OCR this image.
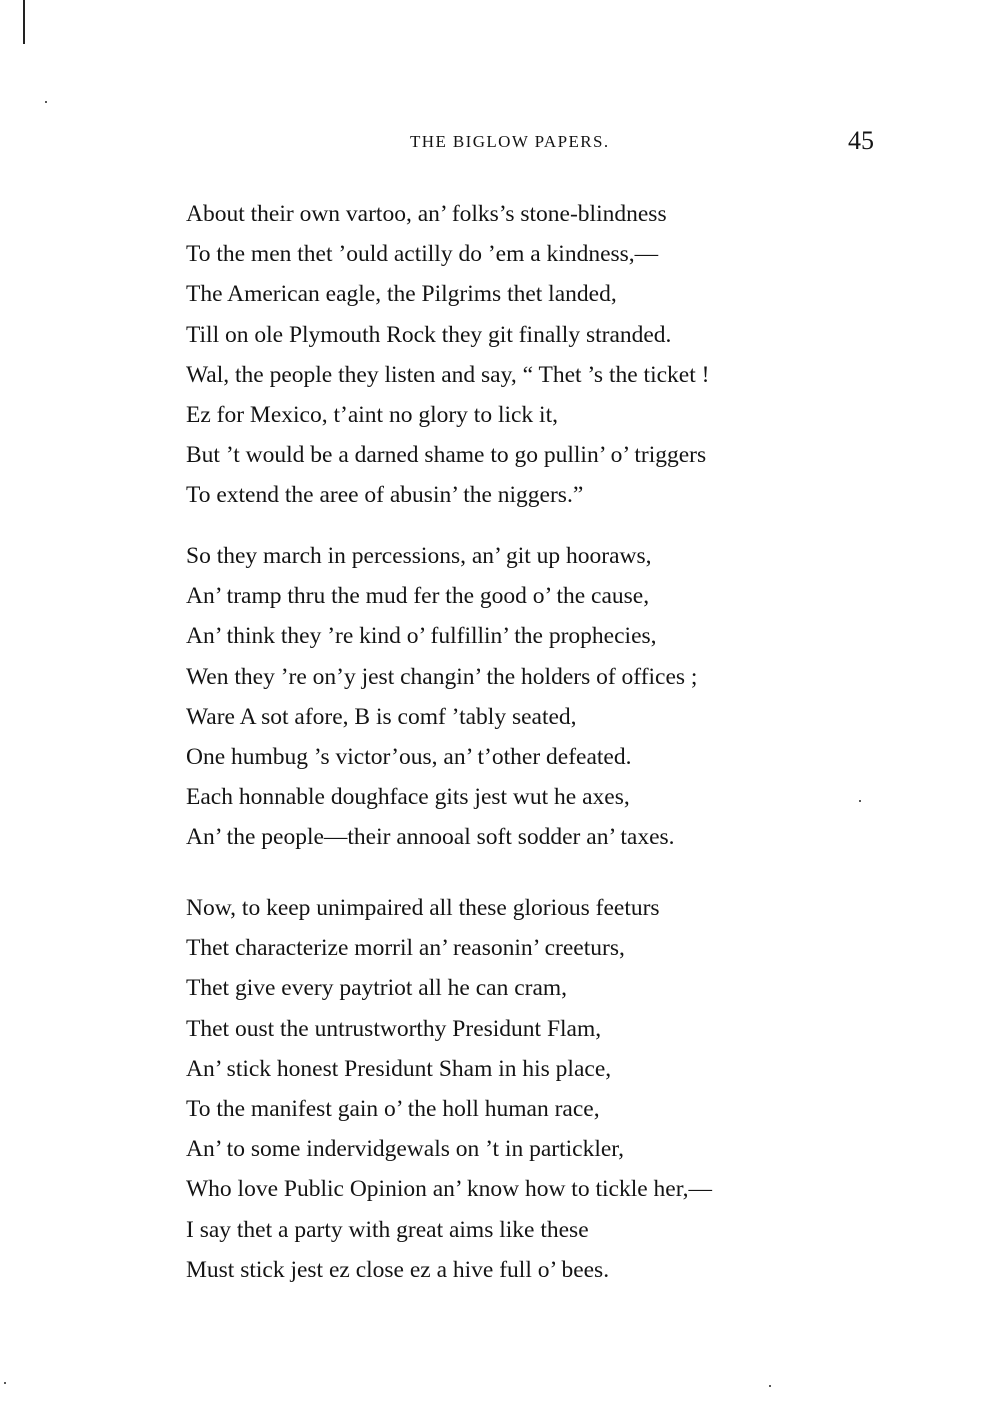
THE BIGLOW PAPERS.	45
About their own vartoo, an’ folks’s stone-blindness
To the men thet ’ould actilly do ’em a kindness,—
The American eagle, the Pilgrims thet landed,
Till on ole Plymouth Rock they git finally stranded.
Wal, the people they listen and say, “ Thet ’s the ticket !
Ez for Mexico, t’aint no glory to lick it,
But ’t would be a darned shame to go pullin’ o’ triggers
To extend the aree of abusin’ the niggers.”
So they march in percessions, an’ git up hooraws,
An’ tramp thru the mud fer the good o’ the cause,
An’ think they ’re kind o’ fulfillin’ the prophecies,
Wen they ’re on’y jest changin’ the holders of offices ;
Ware A sot afore, B is comf ’tably seated,
One humbug ’s victor’ous, an’ t’other defeated.
Each honnable doughface gits jest wut he axes,
An’ the people—their annooal soft sodder an’ taxes.
Now, to keep unimpaired all these glorious feeturs
Thet characterize morril an’ reasonin’ creeturs,
Thet give every paytriot all he can cram,
Thet oust the untrustworthy Presidunt Flam,
An’ stick honest Presidunt Sham in his place,
To the manifest gain o’ the holl human race,
An’ to some indervidgewals on ’t in partickler,
Who love Public Opinion an’ know how to tickle her,—
I say thet a party with great aims like these
Must stick jest ez close ez a hive full o’ bees.
